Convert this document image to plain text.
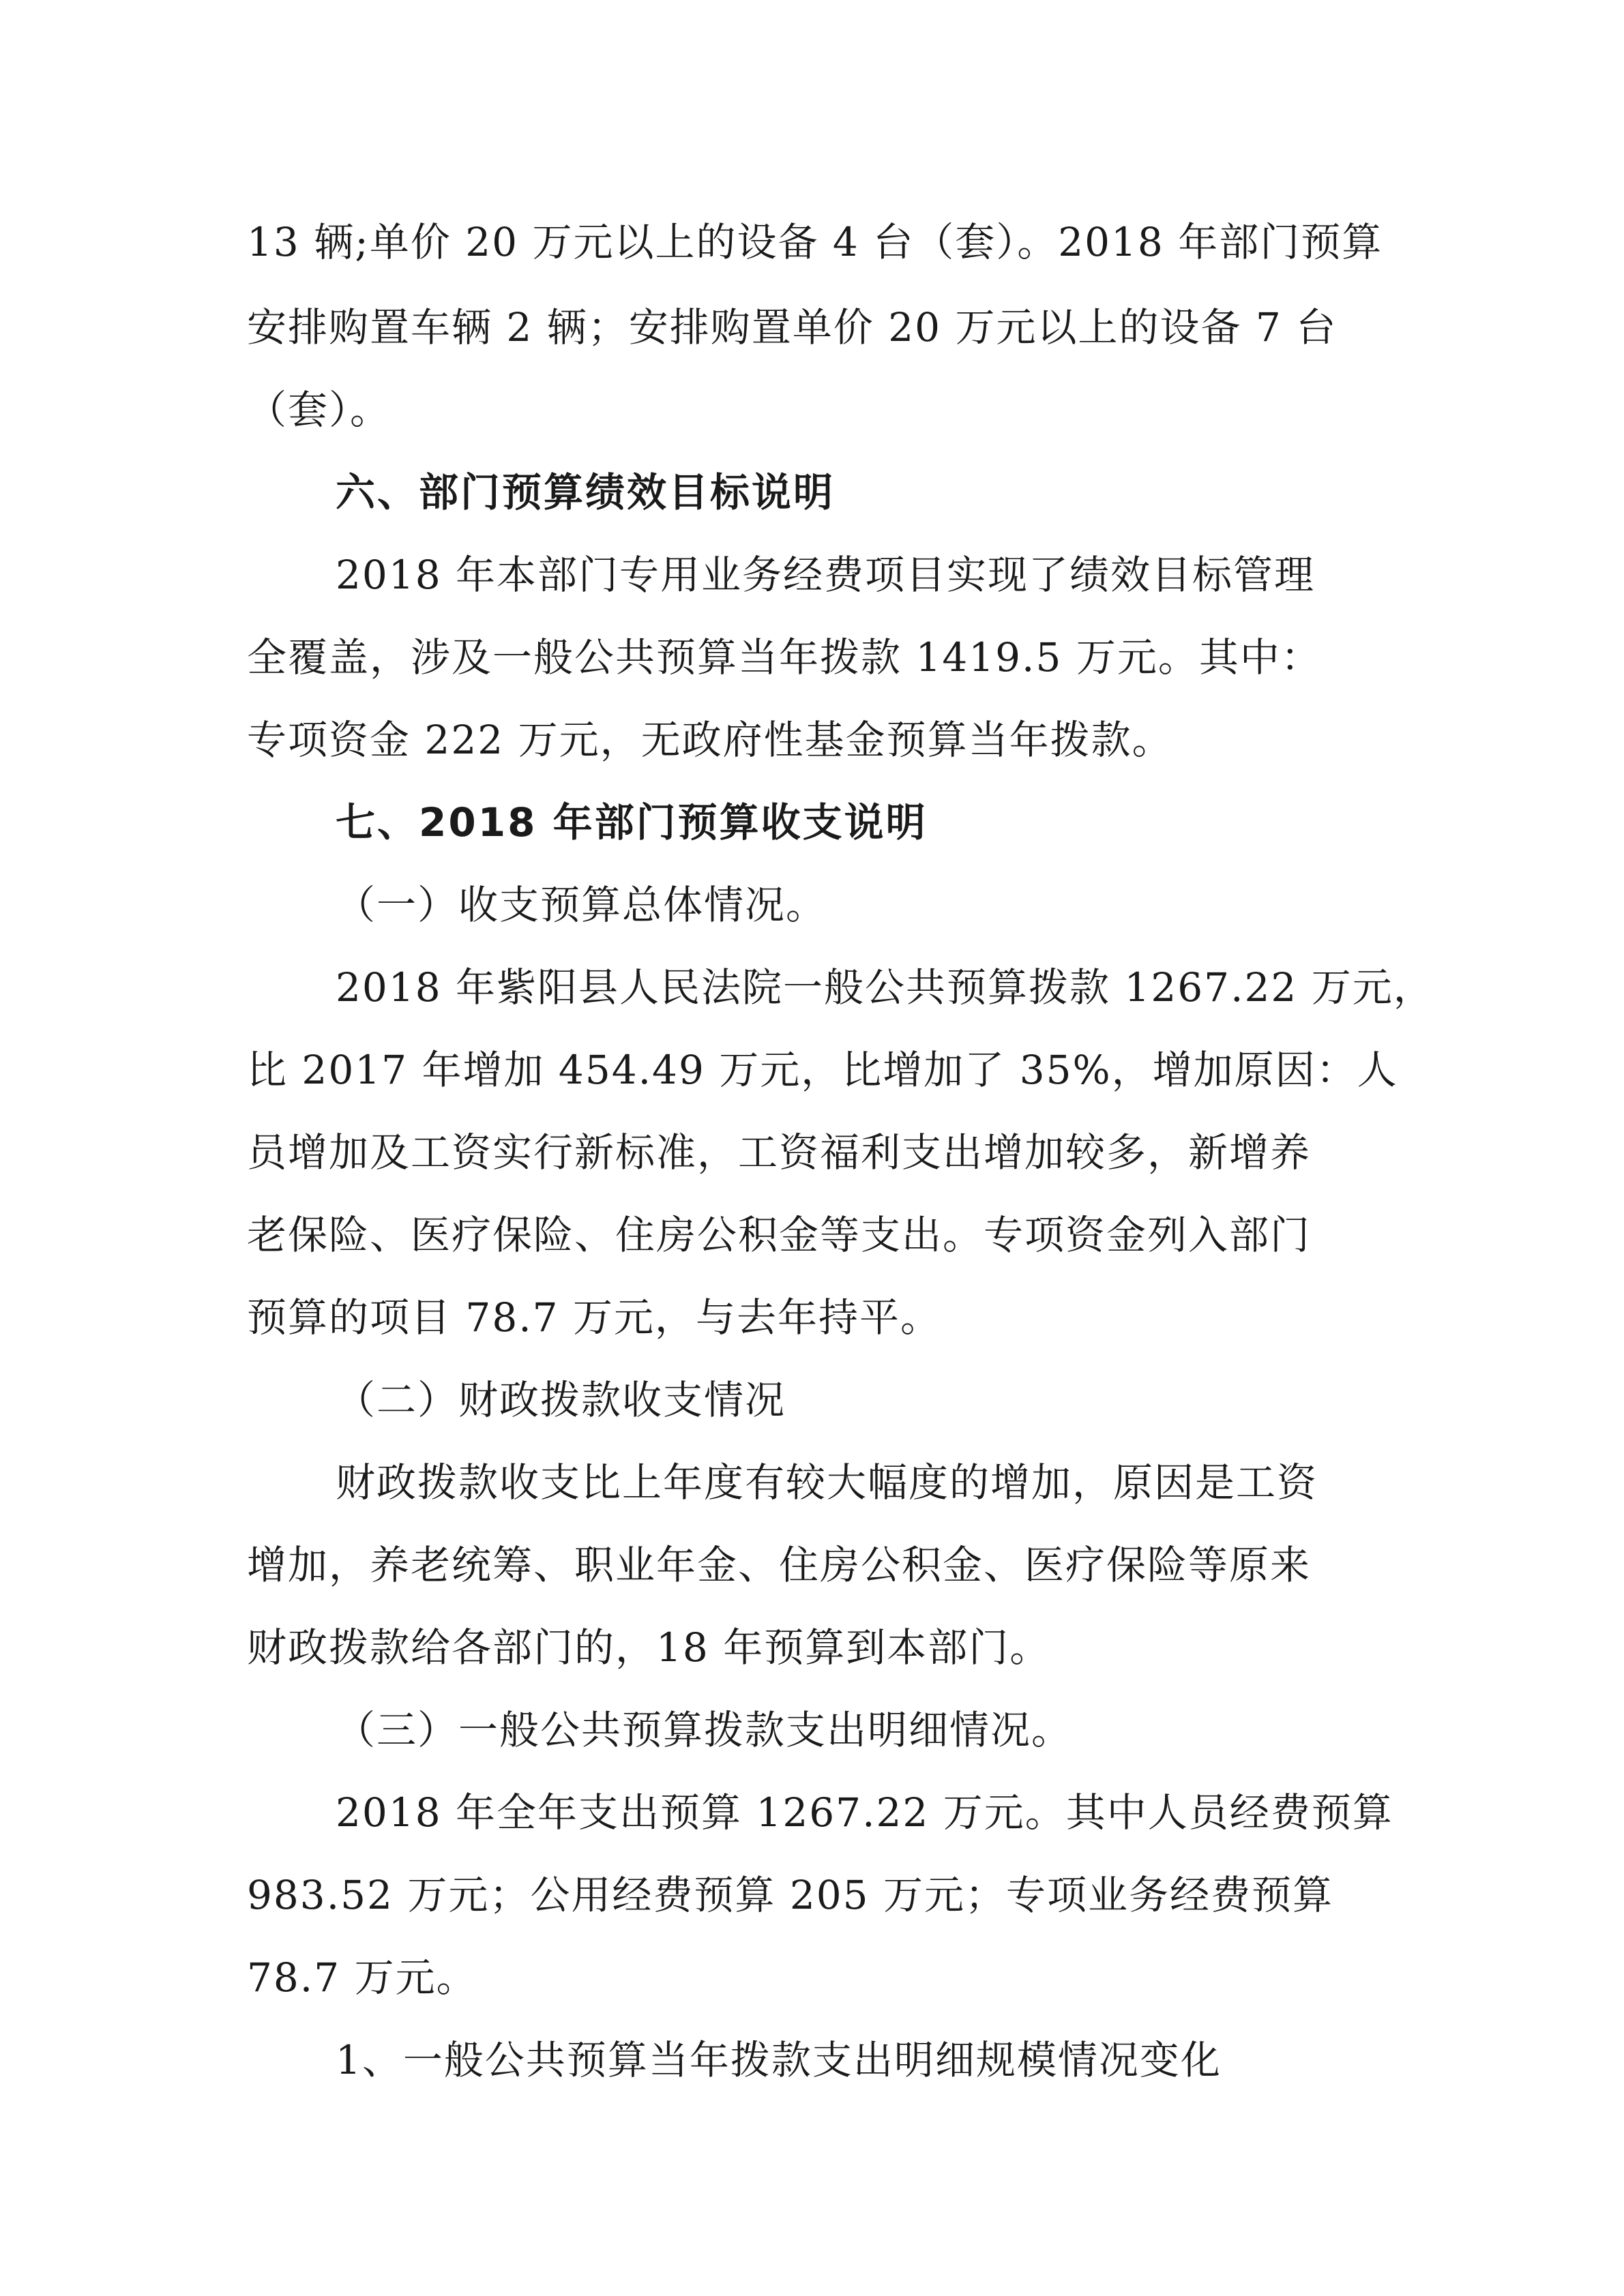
13 辆;单价 20 万元以上的设备 4 台（套）。2018 年部门预算
安排购置车辆 2 辆；安排购置单价 20 万元以上的设备 7 台
（套）。
六、部门预算绩效目标说明
2018 年本部门专用业务经费项目实现了绩效目标管理
全覆盖，涉及一般公共预算当年拨款 1419.5 万元。其中：
专项资金 222 万元，无政府性基金预算当年拨款。
七、2018 年部门预算收支说明
（一）收支预算总体情况。
2018 年紫阳县人民法院一般公共预算拨款 1267.22 万元，
比 2017 年增加 454.49 万元，比增加了 35%，增加原因：人
员增加及工资实行新标准，工资福利支出增加较多，新增养
老保险、医疗保险、住房公积金等支出。专项资金列入部门
预算的项目 78.7 万元，与去年持平。
（二）财政拨款收支情况
财政拨款收支比上年度有较大幅度的增加，原因是工资
增加，养老统筹、职业年金、住房公积金、医疗保险等原来
财政拨款给各部门的，18 年预算到本部门。
（三）一般公共预算拨款支出明细情况。
2018 年全年支出预算 1267.22 万元。其中人员经费预算
983.52 万元；公用经费预算 205 万元；专项业务经费预算
78.7 万元。
1、一般公共预算当年拨款支出明细规模情况变化
